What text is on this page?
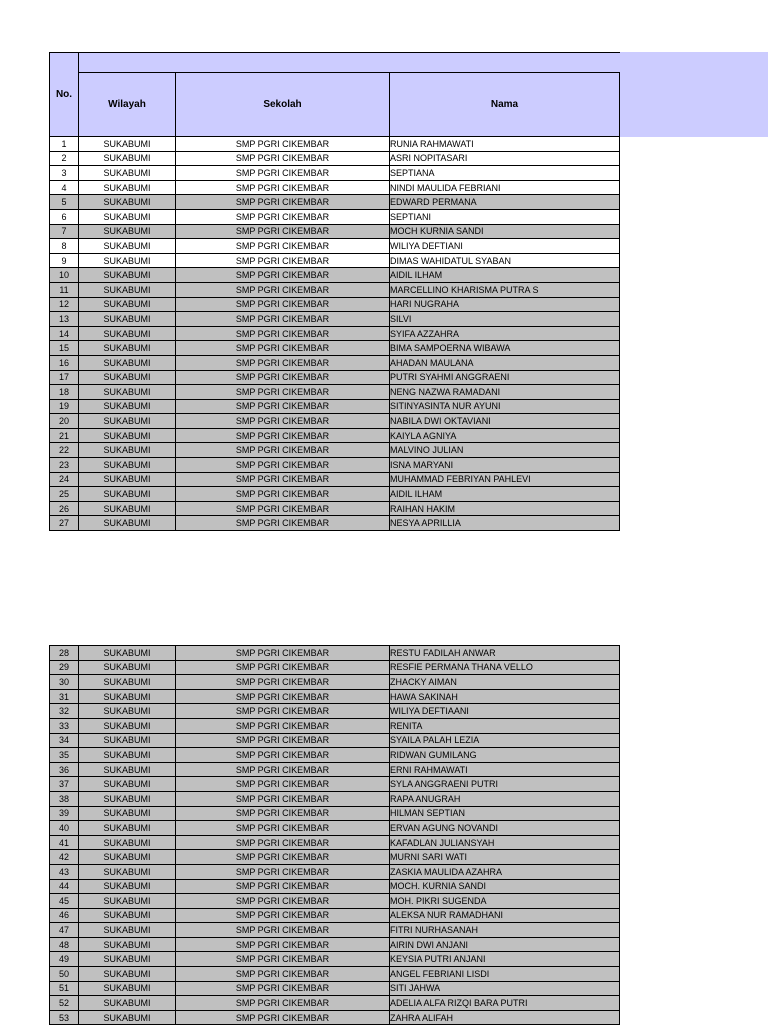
No.			
	Wilayah	Sekolah	Nama
1	SUKABUMI	SMP PGRI CIKEMBAR	RUNIA RAHMAWATI
2	SUKABUMI	SMP PGRI CIKEMBAR	ASRI NOPITASARI
3	SUKABUMI	SMP PGRI CIKEMBAR	SEPTIANA
4	SUKABUMI	SMP PGRI CIKEMBAR	NINDI MAULIDA FEBRIANI
5	SUKABUMI	SMP PGRI CIKEMBAR	EDWARD PERMANA
6	SUKABUMI	SMP PGRI CIKEMBAR	SEPTIANI
7	SUKABUMI	SMP PGRI CIKEMBAR	MOCH KURNIA SANDI
8	SUKABUMI	SMP PGRI CIKEMBAR	WILIYA DEFTIANI
9	SUKABUMI	SMP PGRI CIKEMBAR	DIMAS WAHIDATUL SYABAN
10	SUKABUMI	SMP PGRI CIKEMBAR	AIDIL ILHAM
11	SUKABUMI	SMP PGRI CIKEMBAR	MARCELLINO KHARISMA PUTRA S
12	SUKABUMI	SMP PGRI CIKEMBAR	HARI NUGRAHA
13	SUKABUMI	SMP PGRI CIKEMBAR	SILVI
14	SUKABUMI	SMP PGRI CIKEMBAR	SYIFA AZZAHRA
15	SUKABUMI	SMP PGRI CIKEMBAR	BIMA SAMPOERNA WIBAWA
16	SUKABUMI	SMP PGRI CIKEMBAR	AHADAN MAULANA
17	SUKABUMI	SMP PGRI CIKEMBAR	PUTRI SYAHMI ANGGRAENI
18	SUKABUMI	SMP PGRI CIKEMBAR	NENG NAZWA RAMADANI
19	SUKABUMI	SMP PGRI CIKEMBAR	SITINYASINTA NUR AYUNI
20	SUKABUMI	SMP PGRI CIKEMBAR	NABILA DWI OKTAVIANI
21	SUKABUMI	SMP PGRI CIKEMBAR	KAIYLA AGNIYA
22	SUKABUMI	SMP PGRI CIKEMBAR	MALVINO JULIAN
23	SUKABUMI	SMP PGRI CIKEMBAR	ISNA MARYANI
24	SUKABUMI	SMP PGRI CIKEMBAR	MUHAMMAD FEBRIYAN PAHLEVI
25	SUKABUMI	SMP PGRI CIKEMBAR	AIDIL ILHAM
26	SUKABUMI	SMP PGRI CIKEMBAR	RAIHAN HAKIM
27	SUKABUMI	SMP PGRI CIKEMBAR	NESYA APRILLIA
28	SUKABUMI	SMP PGRI CIKEMBAR	RESTU FADILAH ANWAR
29	SUKABUMI	SMP PGRI CIKEMBAR	RESFIE PERMANA THANA VELLO
30	SUKABUMI	SMP PGRI CIKEMBAR	ZHACKY AIMAN
31	SUKABUMI	SMP PGRI CIKEMBAR	HAWA SAKINAH
32	SUKABUMI	SMP PGRI CIKEMBAR	WILIYA DEFTIAANI
33	SUKABUMI	SMP PGRI CIKEMBAR	RENITA
34	SUKABUMI	SMP PGRI CIKEMBAR	SYAILA PALAH LEZIA
35	SUKABUMI	SMP PGRI CIKEMBAR	RIDWAN GUMILANG
36	SUKABUMI	SMP PGRI CIKEMBAR	ERNI RAHMAWATI
37	SUKABUMI	SMP PGRI CIKEMBAR	SYLA ANGGRAENI PUTRI
38	SUKABUMI	SMP PGRI CIKEMBAR	RAPA ANUGRAH
39	SUKABUMI	SMP PGRI CIKEMBAR	HILMAN SEPTIAN
40	SUKABUMI	SMP PGRI CIKEMBAR	ERVAN AGUNG NOVANDI
41	SUKABUMI	SMP PGRI CIKEMBAR	KAFADLAN JULIANSYAH
42	SUKABUMI	SMP PGRI CIKEMBAR	MURNI SARI WATI
43	SUKABUMI	SMP PGRI CIKEMBAR	ZASKIA MAULIDA AZAHRA
44	SUKABUMI	SMP PGRI CIKEMBAR	MOCH. KURNIA SANDI
45	SUKABUMI	SMP PGRI CIKEMBAR	MOH. PIKRI SUGENDA
46	SUKABUMI	SMP PGRI CIKEMBAR	ALEKSA NUR RAMADHANI
47	SUKABUMI	SMP PGRI CIKEMBAR	FITRI NURHASANAH
48	SUKABUMI	SMP PGRI CIKEMBAR	AIRIN DWI ANJANI
49	SUKABUMI	SMP PGRI CIKEMBAR	KEYSIA PUTRI ANJANI
50	SUKABUMI	SMP PGRI CIKEMBAR	ANGEL FEBRIANI LISDI
51	SUKABUMI	SMP PGRI CIKEMBAR	SITI JAHWA
52	SUKABUMI	SMP PGRI CIKEMBAR	ADELIA ALFA RIZQI BARA PUTRI
53	SUKABUMI	SMP PGRI CIKEMBAR	ZAHRA ALIFAH
